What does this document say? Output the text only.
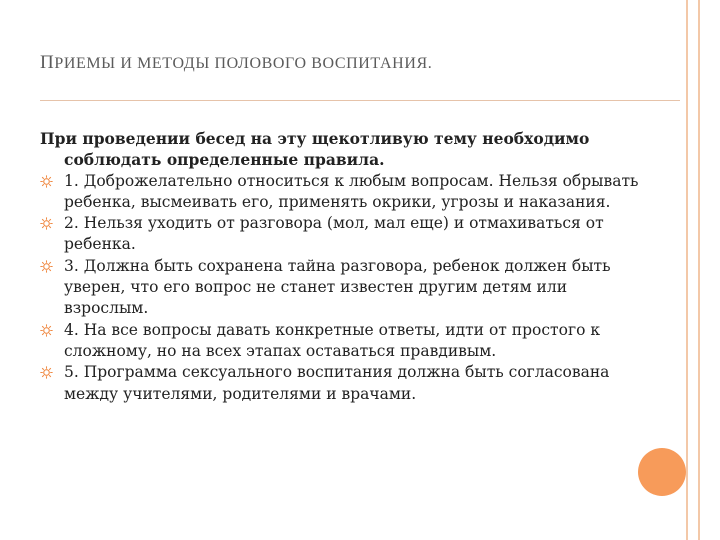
ПРИЕМЫ И МЕТОДЫ ПОЛОВОГО ВОСПИТАНИЯ.

При проведении бесед на эту щекотливую тему необходимо соблюдать определенные правила.

1. Доброжелательно относиться к любым вопросам. Нельзя обрывать ребенка, высмеивать его, применять окрики, угрозы и наказания.
2. Нельзя уходить от разговора (мол, мал еще) и отмахиваться от ребенка.
3. Должна быть сохранена тайна разговора, ребенок должен быть уверен, что его вопрос не станет известен другим детям или взрослым.
4. На все вопросы давать конкретные ответы, идти от простого к сложному, но на всех этапах оставаться правдивым.
5. Программа сексуального воспитания должна быть согласована между учителями, родителями и врачами.
